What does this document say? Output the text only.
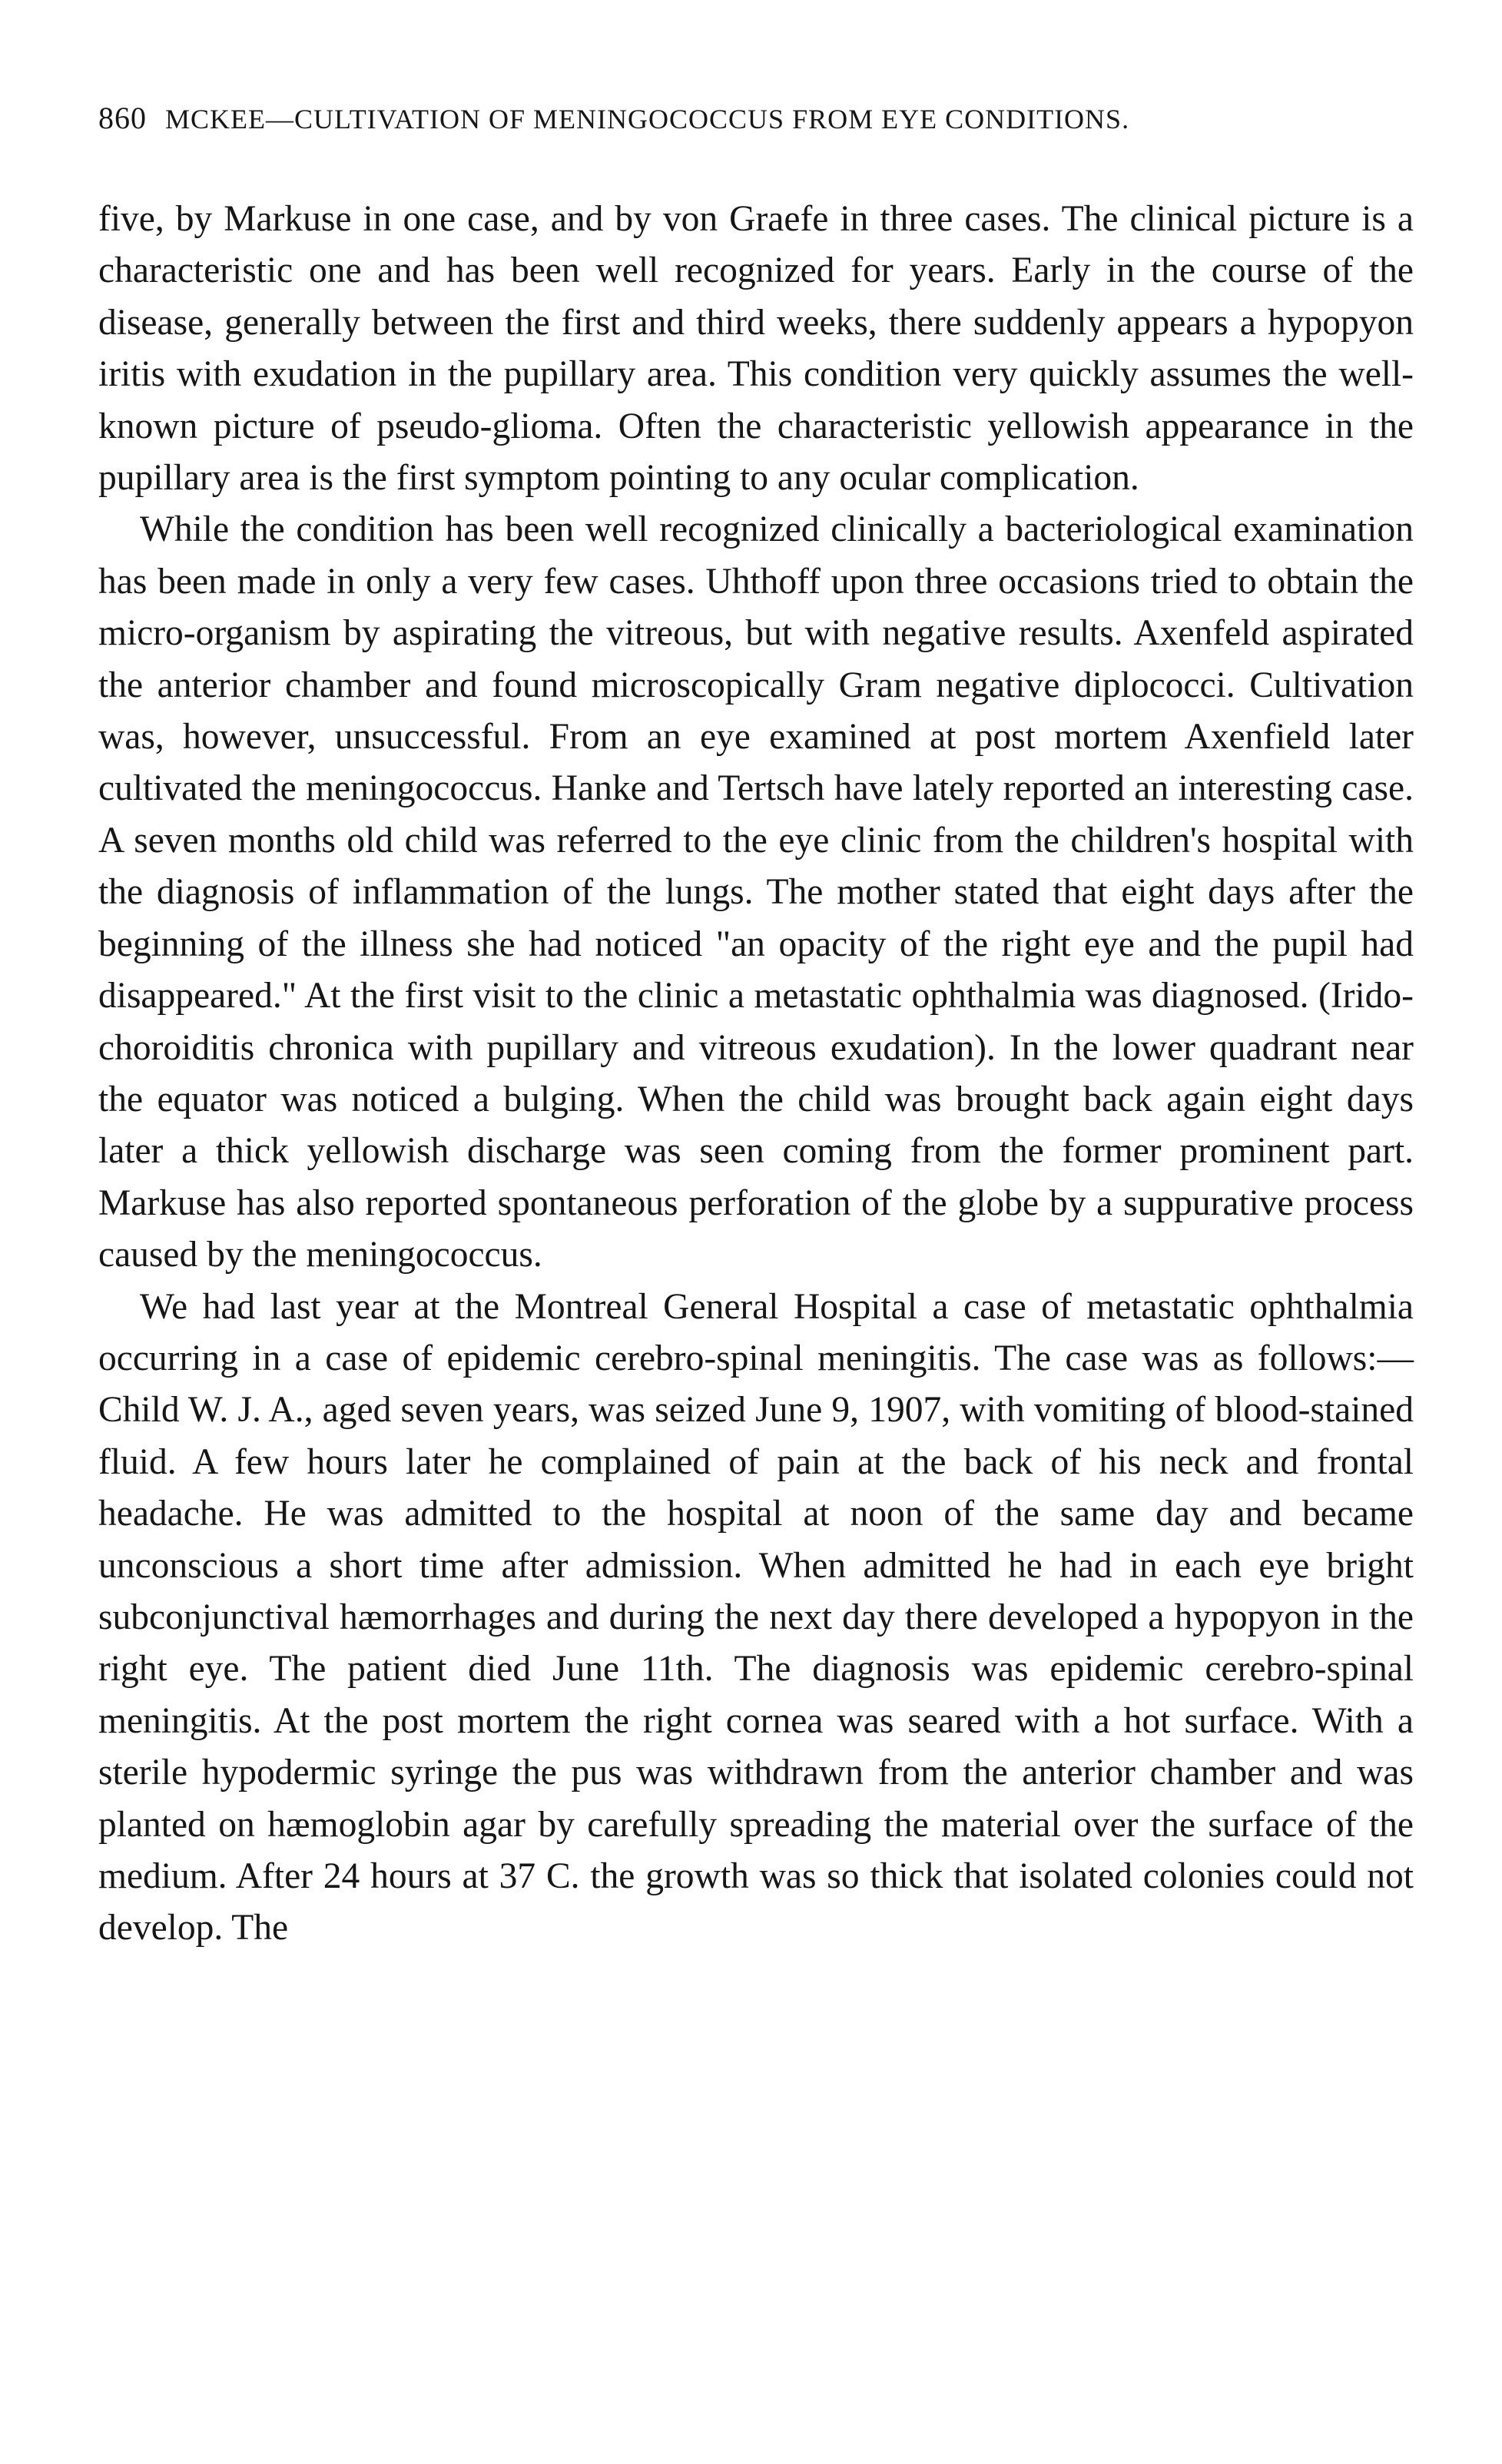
860 MCKEE—CULTIVATION OF MENINGOCOCCUS FROM EYE CONDITIONS.

five, by Markuse in one case, and by von Graefe in three cases. The clinical picture is a characteristic one and has been well recognized for years. Early in the course of the disease, generally between the first and third weeks, there suddenly appears a hypopyon iritis with exudation in the pupillary area. This condition very quickly assumes the well-known picture of pseudo-glioma. Often the characteristic yellowish appearance in the pupillary area is the first symptom pointing to any ocular complication.

While the condition has been well recognized clinically a bacteriological examination has been made in only a very few cases. Uhthoff upon three occasions tried to obtain the micro-organism by aspirating the vitreous, but with negative results. Axenfeld aspirated the anterior chamber and found microscopically Gram negative diplococci. Cultivation was, however, unsuccessful. From an eye examined at post mortem Axenfield later cultivated the meningococcus. Hanke and Tertsch have lately reported an interesting case. A seven months old child was referred to the eye clinic from the children's hospital with the diagnosis of inflammation of the lungs. The mother stated that eight days after the beginning of the illness she had noticed "an opacity of the right eye and the pupil had disappeared." At the first visit to the clinic a metastatic ophthalmia was diagnosed. (Irido-choroiditis chronica with pupillary and vitreous exudation). In the lower quadrant near the equator was noticed a bulging. When the child was brought back again eight days later a thick yellowish discharge was seen coming from the former prominent part. Markuse has also reported spontaneous perforation of the globe by a suppurative process caused by the meningococcus.

We had last year at the Montreal General Hospital a case of metastatic ophthalmia occurring in a case of epidemic cerebro-spinal meningitis. The case was as follows:—Child W. J. A., aged seven years, was seized June 9, 1907, with vomiting of blood-stained fluid. A few hours later he complained of pain at the back of his neck and frontal headache. He was admitted to the hospital at noon of the same day and became unconscious a short time after admission. When admitted he had in each eye bright subconjunctival hæmorrhages and during the next day there developed a hypopyon in the right eye. The patient died June 11th. The diagnosis was epidemic cerebro-spinal meningitis. At the post mortem the right cornea was seared with a hot surface. With a sterile hypodermic syringe the pus was withdrawn from the anterior chamber and was planted on hæmoglobin agar by carefully spreading the material over the surface of the medium. After 24 hours at 37 C. the growth was so thick that isolated colonies could not develop. The
